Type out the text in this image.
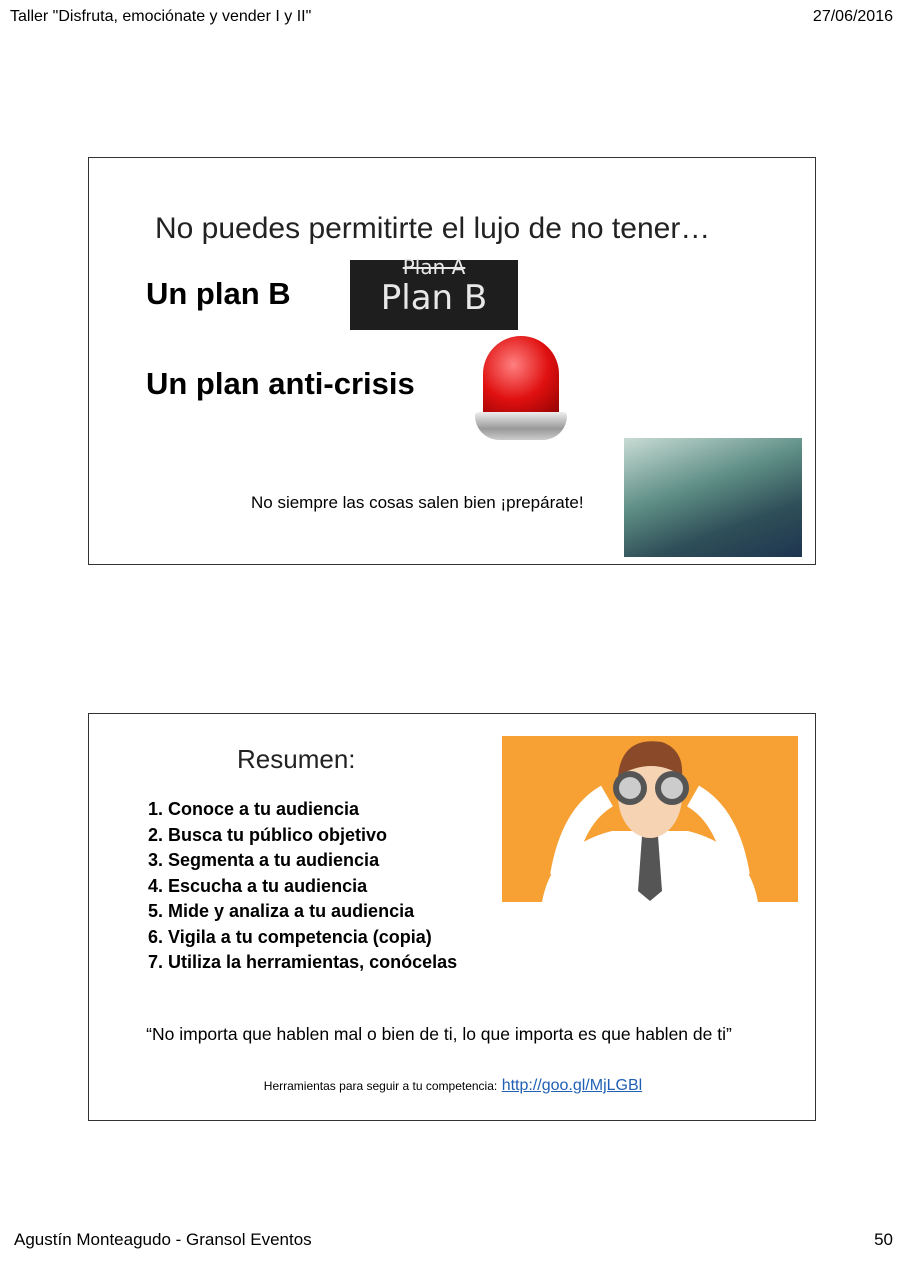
Taller "Disfruta, emociónate y vender I y II"	27/06/2016
No puedes permitirte el lujo de no tener…
Un plan B
Plan A
Plan B
Un plan anti-crisis
No siempre las cosas salen bien ¡prepárate!
Resumen:
1. Conoce a tu audiencia
2. Busca tu público objetivo
3. Segmenta a tu audiencia
4. Escucha a tu audiencia
5. Mide y analiza a tu audiencia
6. Vigila a tu competencia (copia)
7. Utiliza la herramientas, conócelas
“No importa que hablen mal o bien de ti, lo que importa es que hablen de ti”
Herramientas para seguir a tu competencia: http://goo.gl/MjLGBl
Agustín Monteagudo - Gransol Eventos	50
